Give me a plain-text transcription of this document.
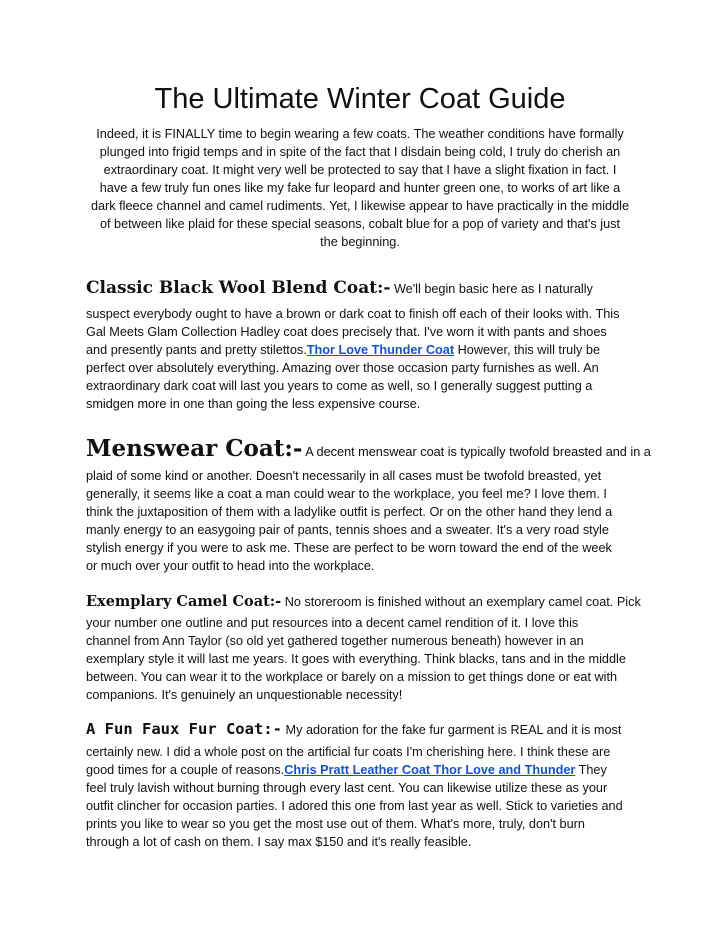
The Ultimate Winter Coat Guide
Indeed, it is FINALLY time to begin wearing a few coats. The weather conditions have formally
plunged into frigid temps and in spite of the fact that I disdain being cold, I truly do cherish an
extraordinary coat. It might very well be protected to say that I have a slight fixation in fact. I
have a few truly fun ones like my fake fur leopard and hunter green one, to works of art like a
dark fleece channel and camel rudiments. Yet, I likewise appear to have practically in the middle
of between like plaid for these special seasons, cobalt blue for a pop of variety and that's just
the beginning.
Classic Black Wool Blend Coat:- We'll begin basic here as I naturally
suspect everybody ought to have a brown or dark coat to finish off each of their looks with. This
Gal Meets Glam Collection Hadley coat does precisely that. I've worn it with pants and shoes
and presently pants and pretty stilettos.Thor Love Thunder Coat However, this will truly be
perfect over absolutely everything. Amazing over those occasion party furnishes as well. An
extraordinary dark coat will last you years to come as well, so I generally suggest putting a
smidgen more in one than going the less expensive course.
Menswear Coat:- A decent menswear coat is typically twofold breasted and in a
plaid of some kind or another. Doesn't necessarily in all cases must be twofold breasted, yet
generally, it seems like a coat a man could wear to the workplace, you feel me? I love them. I
think the juxtaposition of them with a ladylike outfit is perfect. Or on the other hand they lend a
manly energy to an easygoing pair of pants, tennis shoes and a sweater. It's a very road style
stylish energy if you were to ask me. These are perfect to be worn toward the end of the week
or much over your outfit to head into the workplace.
Exemplary Camel Coat:- No storeroom is finished without an exemplary camel coat. Pick
your number one outline and put resources into a decent camel rendition of it. I love this
channel from Ann Taylor (so old yet gathered together numerous beneath) however in an
exemplary style it will last me years. It goes with everything. Think blacks, tans and in the middle
between. You can wear it to the workplace or barely on a mission to get things done or eat with
companions. It's genuinely an unquestionable necessity!
A Fun Faux Fur Coat:- My adoration for the fake fur garment is REAL and it is most
certainly new. I did a whole post on the artificial fur coats I'm cherishing here. I think these are
good times for a couple of reasons.Chris Pratt Leather Coat Thor Love and Thunder They
feel truly lavish without burning through every last cent. You can likewise utilize these as your
outfit clincher for occasion parties. I adored this one from last year as well. Stick to varieties and
prints you like to wear so you get the most use out of them. What's more, truly, don't burn
through a lot of cash on them. I say max $150 and it's really feasible.
